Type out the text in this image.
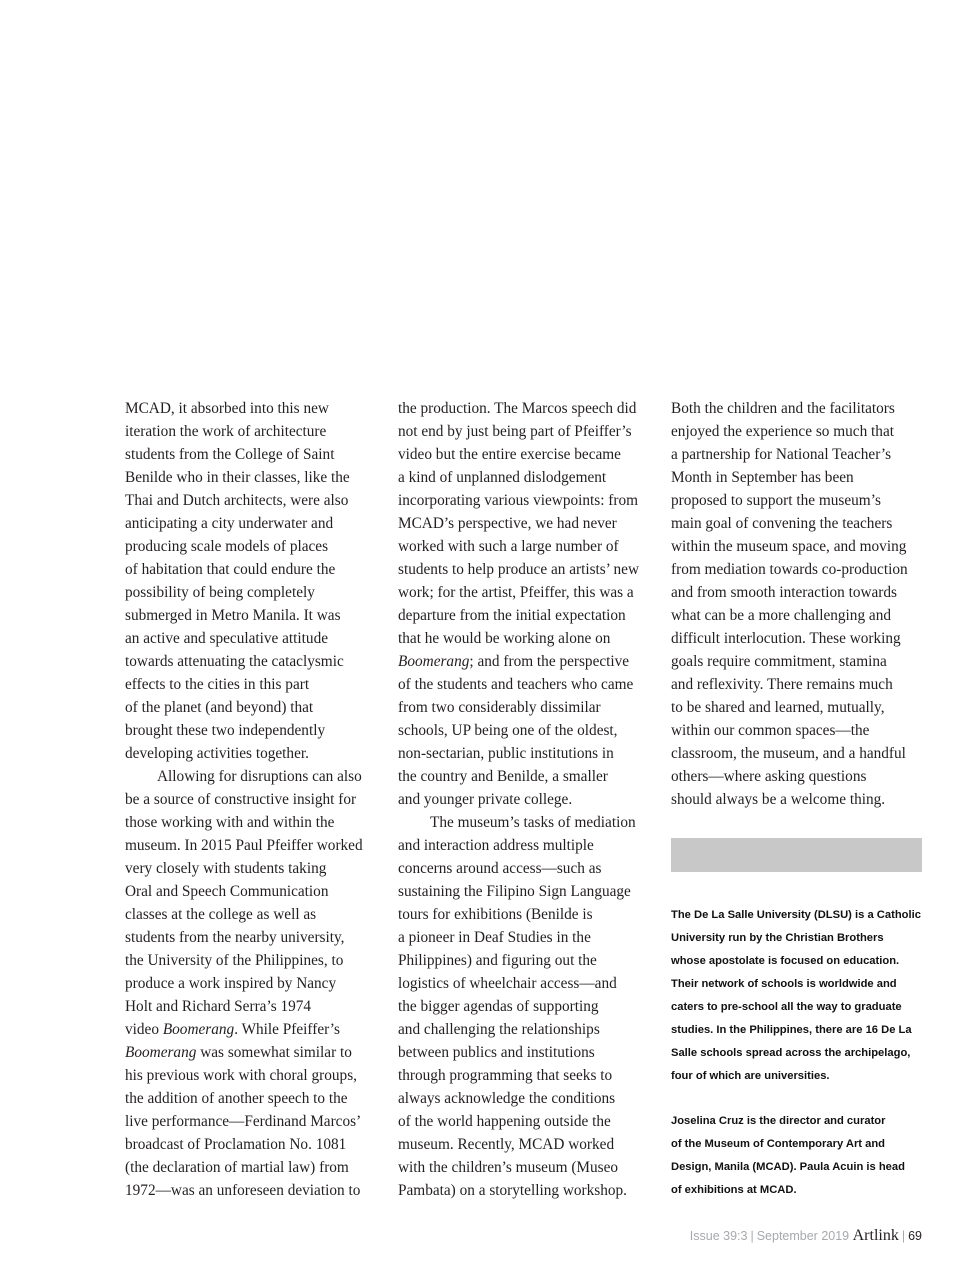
MCAD, it absorbed into this new
iteration the work of architecture
students from the College of Saint
Benilde who in their classes, like the
Thai and Dutch architects, were also
anticipating a city underwater and
producing scale models of places
of habitation that could endure the
possibility of being completely
submerged in Metro Manila. It was
an active and speculative attitude
towards attenuating the cataclysmic
effects to the cities in this part
of the planet (and beyond) that
brought these two independently
developing activities together.
Allowing for disruptions can also
be a source of constructive insight for
those working with and within the
museum. In 2015 Paul Pfeiffer worked
very closely with students taking
Oral and Speech Communication
classes at the college as well as
students from the nearby university,
the University of the Philippines, to
produce a work inspired by Nancy
Holt and Richard Serra’s 1974
video Boomerang. While Pfeiffer’s
Boomerang was somewhat similar to
his previous work with choral groups,
the addition of another speech to the
live performance—Ferdinand Marcos’
broadcast of Proclamation No. 1081
(the declaration of martial law) from
1972—was an unforeseen deviation to
the production. The Marcos speech did
not end by just being part of Pfeiffer’s
video but the entire exercise became
a kind of unplanned dislodgement
incorporating various viewpoints: from
MCAD’s perspective, we had never
worked with such a large number of
students to help produce an artists’ new
work; for the artist, Pfeiffer, this was a
departure from the initial expectation
that he would be working alone on
Boomerang; and from the perspective
of the students and teachers who came
from two considerably dissimilar
schools, UP being one of the oldest,
non-sectarian, public institutions in
the country and Benilde, a smaller
and younger private college.
The museum’s tasks of mediation
and interaction address multiple
concerns around access—such as
sustaining the Filipino Sign Language
tours for exhibitions (Benilde is
a pioneer in Deaf Studies in the
Philippines) and figuring out the
logistics of wheelchair access—and
the bigger agendas of supporting
and challenging the relationships
between publics and institutions
through programming that seeks to
always acknowledge the conditions
of the world happening outside the
museum. Recently, MCAD worked
with the children’s museum (Museo
Pambata) on a storytelling workshop.
Both the children and the facilitators
enjoyed the experience so much that
a partnership for National Teacher’s
Month in September has been
proposed to support the museum’s
main goal of convening the teachers
within the museum space, and moving
from mediation towards co-production
and from smooth interaction towards
what can be a more challenging and
difficult interlocution. These working
goals require commitment, stamina
and reflexivity. There remains much
to be shared and learned, mutually,
within our common spaces—the
classroom, the museum, and a handful
others—where asking questions
should always be a welcome thing.
The De La Salle University (DLSU) is a Catholic
University run by the Christian Brothers
whose apostolate is focused on education.
Their network of schools is worldwide and
caters to pre-school all the way to graduate
studies. In the Philippines, there are 16 De La
Salle schools spread across the archipelago,
four of which are universities.
Joselina Cruz is the director and curator
of the Museum of Contemporary Art and
Design, Manila (MCAD). Paula Acuin is head
of exhibitions at MCAD.
Issue 39:3 | September 2019 Artlink | 69
